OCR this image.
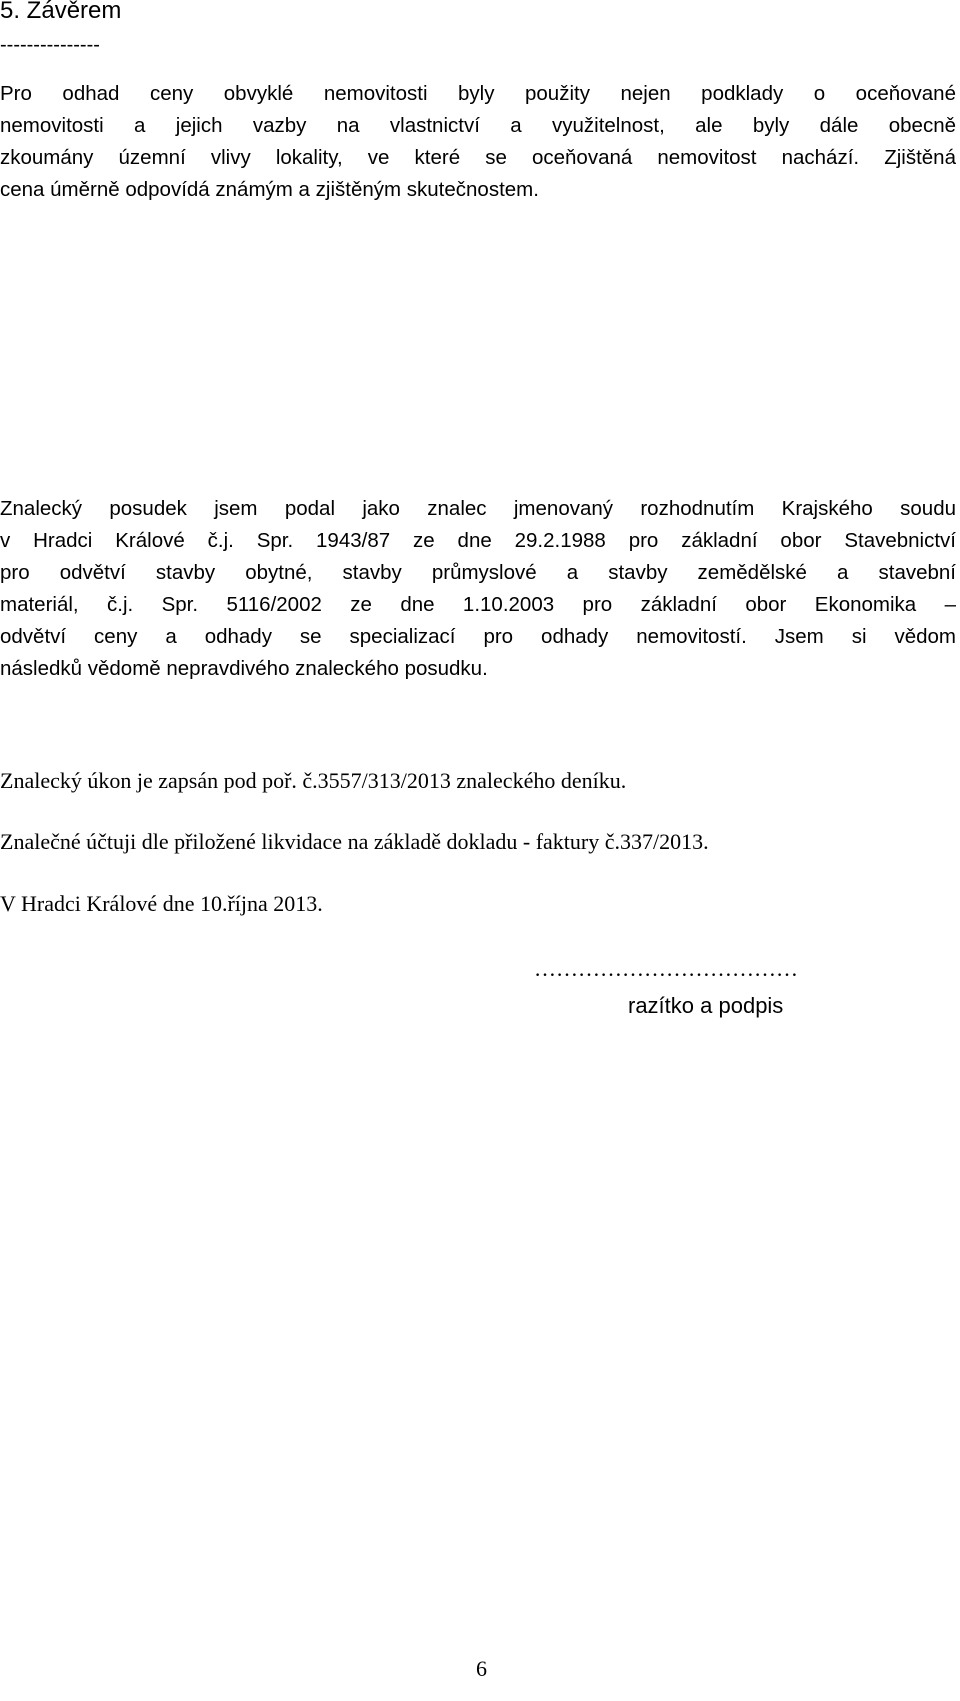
5. Závěrem
---------------
Pro odhad ceny obvyklé nemovitosti byly použity nejen podklady o oceňované
nemovitosti a jejich vazby na vlastnictví a využitelnost, ale byly dále obecně
zkoumány územní vlivy lokality, ve které se oceňovaná nemovitost nachází. Zjištěná
cena úměrně odpovídá známým a zjištěným skutečnostem.
Znalecký posudek jsem podal jako znalec jmenovaný rozhodnutím Krajského soudu
v Hradci Králové č.j. Spr. 1943/87 ze dne 29.2.1988 pro základní obor Stavebnictví
pro odvětví stavby obytné, stavby průmyslové a stavby zemědělské a stavební
materiál, č.j. Spr. 5116/2002 ze dne 1.10.2003 pro základní obor Ekonomika –
odvětví ceny a odhady se specializací pro odhady nemovitostí. Jsem si vědom
následků vědomě nepravdivého znaleckého posudku.
Znalecký úkon je zapsán pod poř. č.3557/313/2013 znaleckého deníku.
Znalečné účtuji dle přiložené likvidace na základě dokladu - faktury č.337/2013.
V Hradci Králové dne 10.října 2013.
………………………………
razítko a podpis
6
